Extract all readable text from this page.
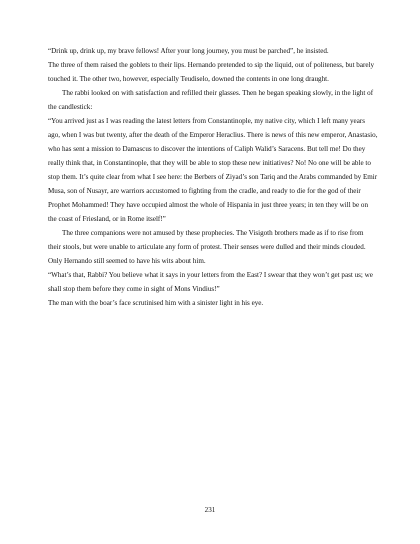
“Drink up, drink up, my brave fellows! After your long journey, you must be parched”, he insisted.

The three of them raised the goblets to their lips. Hernando pretended to sip the liquid, out of politeness, but barely touched it. The other two, however, especially Teudiselo, downed the contents in one long draught.

The rabbi looked on with satisfaction and refilled their glasses. Then he began speaking slowly, in the light of the candlestick:

“You arrived just as I was reading the latest letters from Constantinople, my native city, which I left many years ago, when I was but twenty, after the death of the Emperor Heraclius. There is news of this new emperor, Anastasio, who has sent a mission to Damascus to discover the intentions of Caliph Walid’s Saracens. But tell me! Do they really think that, in Constantinople, that they will be able to stop these new initiatives? No! No one will be able to stop them. It’s quite clear from what I see here: the Berbers of Ziyad’s son Tariq and the Arabs commanded by Emir Musa, son of Nusayr, are warriors accustomed to fighting from the cradle, and ready to die for the god of their Prophet Mohammed! They have occupied almost the whole of Hispania in just three years; in ten they will be on the coast of Friesland, or in Rome itself!”

The three companions were not amused by these prophecies. The Visigoth brothers made as if to rise from their stools, but were unable to articulate any form of protest. Their senses were dulled and their minds clouded. Only Hernando still seemed to have his wits about him.

“What’s that, Rabbi? You believe what it says in your letters from the East? I swear that they won’t get past us; we shall stop them before they come in sight of Mons Vindius!”

The man with the boar’s face scrutinised him with a sinister light in his eye.

231
